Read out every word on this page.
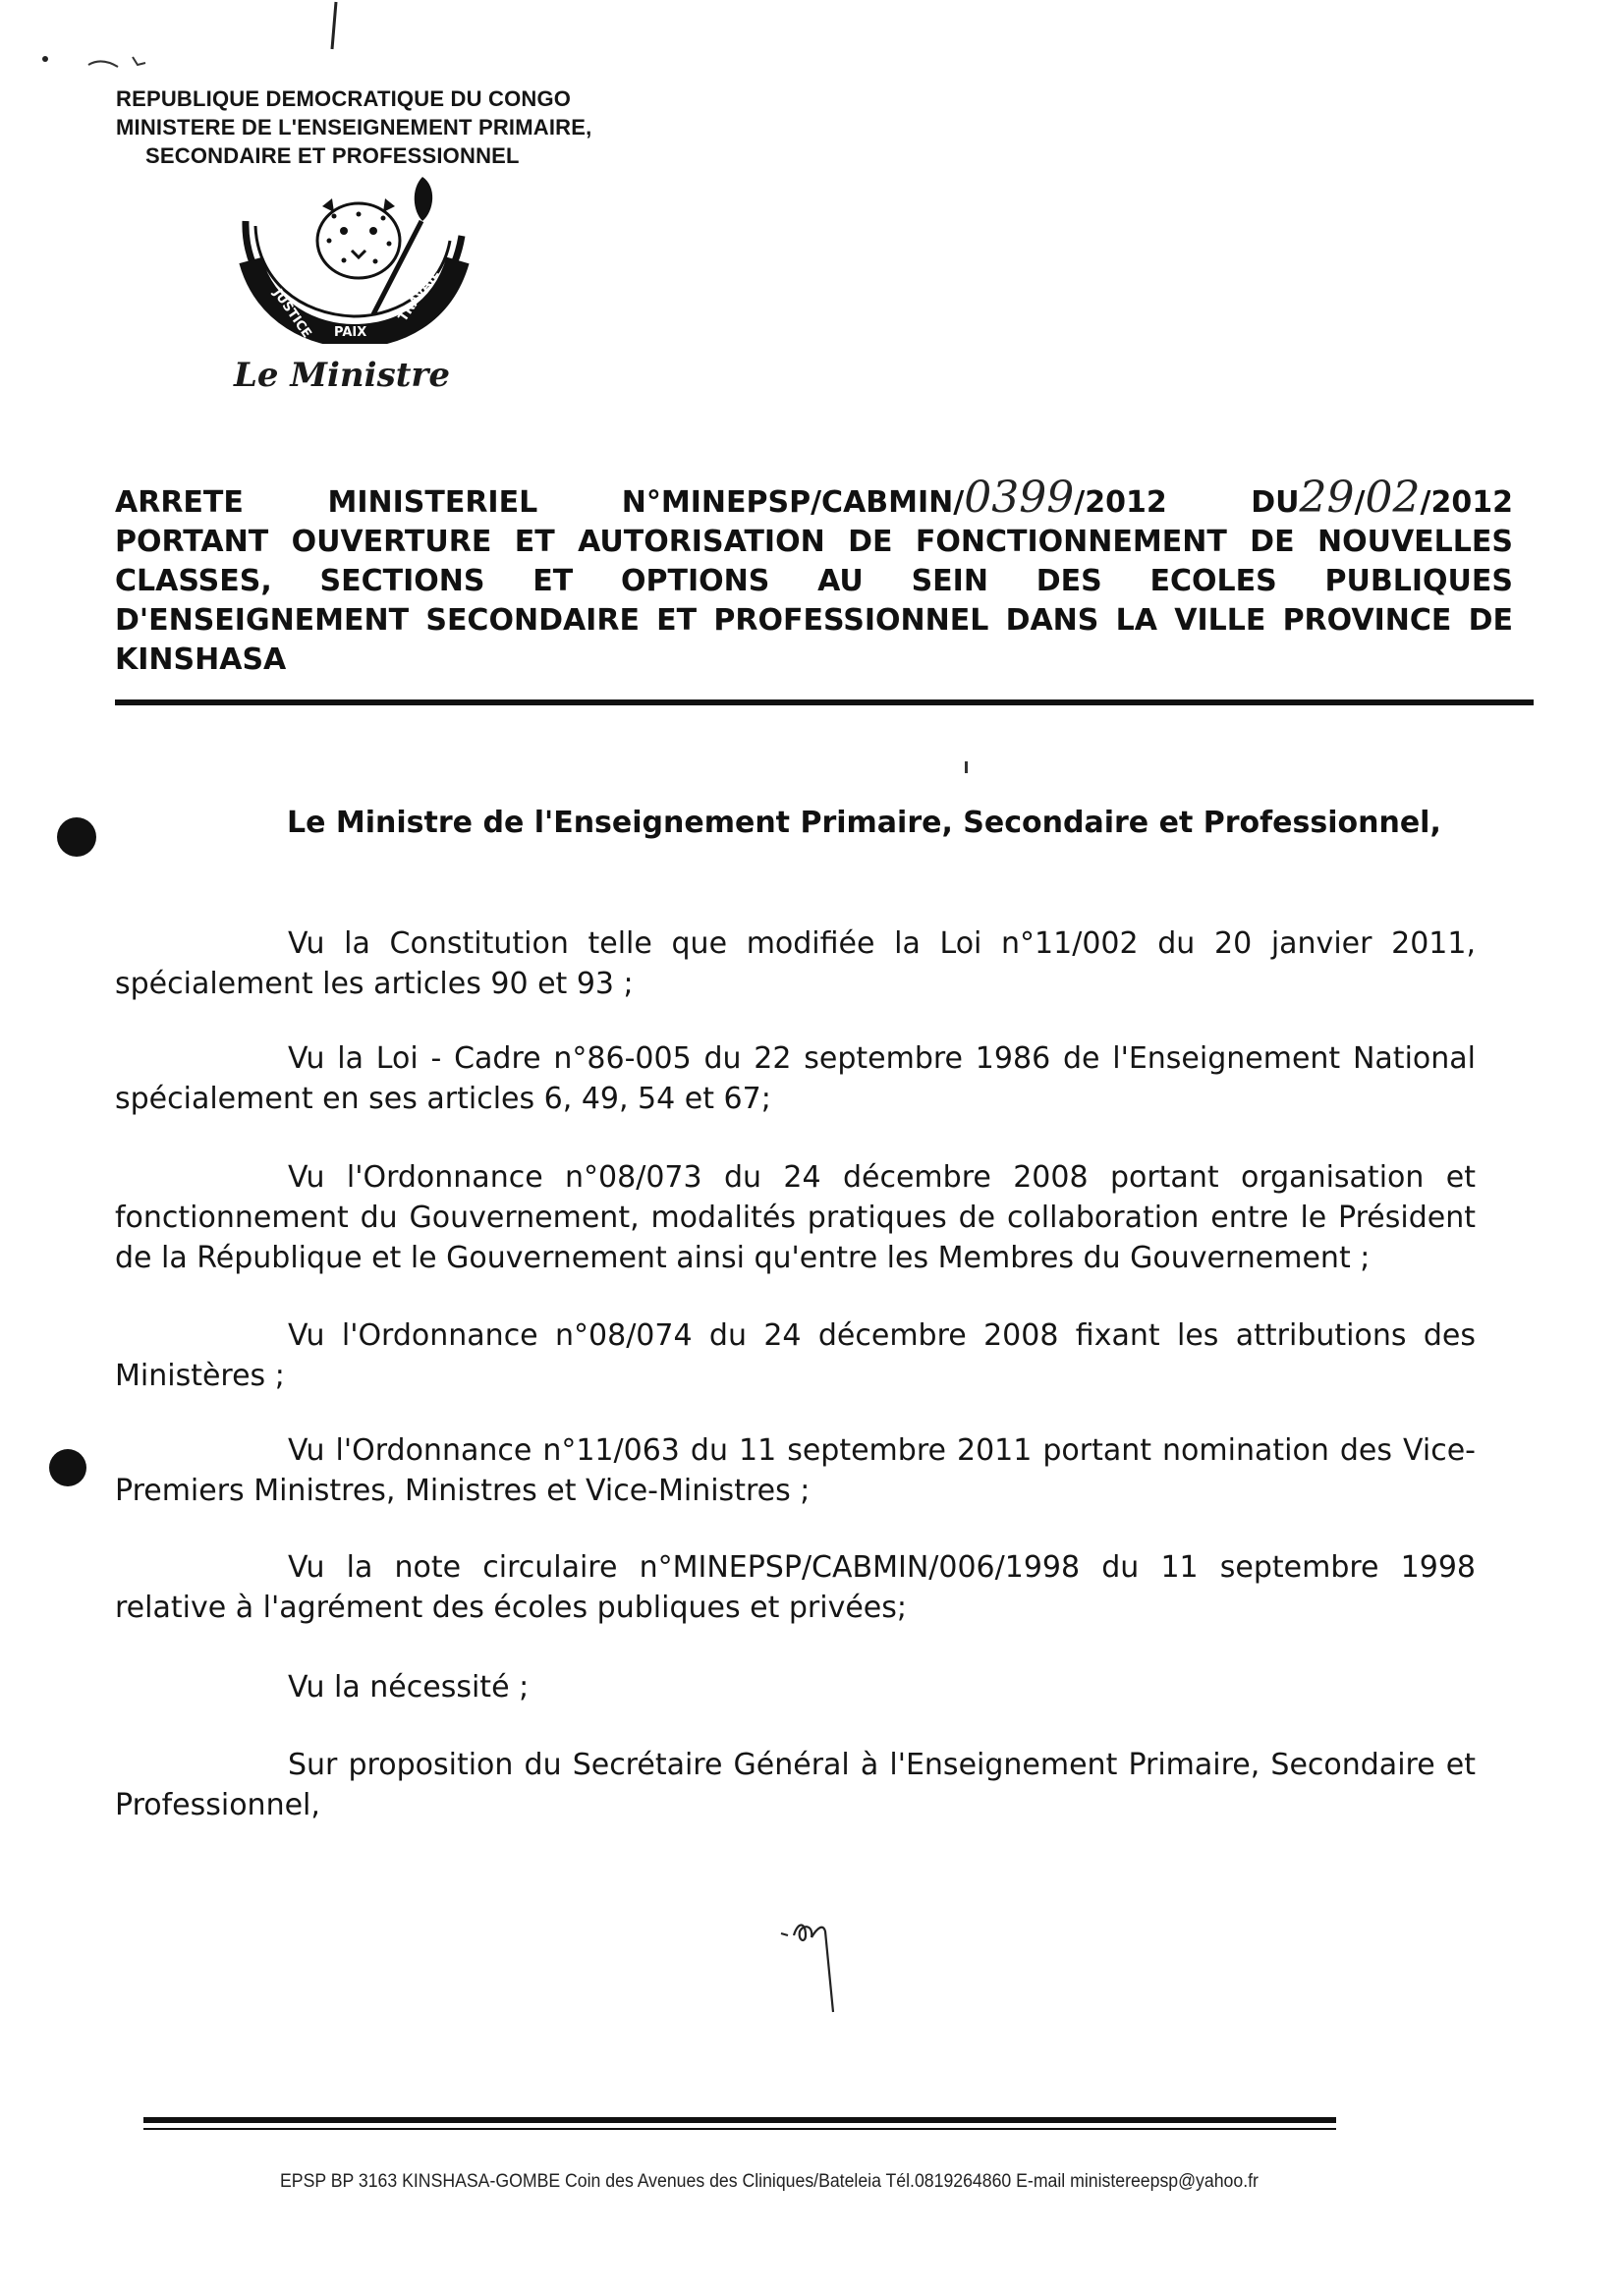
REPUBLIQUE DEMOCRATIQUE DU CONGO
MINISTERE DE L'ENSEIGNEMENT PRIMAIRE,
SECONDAIRE ET PROFESSIONNEL
JUSTICE PAIX
TRAVAIL
Le Ministre
ARRETE	MINISTERIEL	N°MINEPSP/CABMIN/0399/2012	DU29/02/2012
PORTANT OUVERTURE ET AUTORISATION DE FONCTIONNEMENT DE NOUVELLES CLASSES, SECTIONS ET OPTIONS AU SEIN DES ECOLES PUBLIQUES D'ENSEIGNEMENT SECONDAIRE ET PROFESSIONNEL DANS LA VILLE PROVINCE DE KINSHASA
Le Ministre de l'Enseignement Primaire, Secondaire et Professionnel,
Vu la Constitution telle que modifiée la Loi n°11/002 du 20 janvier 2011, spécialement les articles 90 et 93 ;
Vu la Loi - Cadre n°86-005 du 22 septembre 1986 de l'Enseignement National spécialement en ses articles 6, 49, 54 et 67;
Vu l'Ordonnance n°08/073 du 24 décembre 2008 portant organisation et fonctionnement du Gouvernement, modalités pratiques de collaboration entre le Président de la République et le Gouvernement ainsi qu'entre les Membres du Gouvernement ;
Vu l'Ordonnance n°08/074 du 24 décembre 2008 fixant les attributions des Ministères ;
Vu l'Ordonnance n°11/063 du 11 septembre 2011 portant nomination des Vice-Premiers Ministres, Ministres et Vice-Ministres ;
Vu la note circulaire n°MINEPSP/CABMIN/006/1998 du 11 septembre 1998 relative à l'agrément des écoles publiques et privées;
Vu la nécessité ;
Sur proposition du Secrétaire Général à l'Enseignement Primaire, Secondaire et Professionnel,
EPSP BP 3163 KINSHASA-GOMBE Coin des Avenues des Cliniques/Bateleia Tél.0819264860 E-mail ministereepsp@yahoo.fr
